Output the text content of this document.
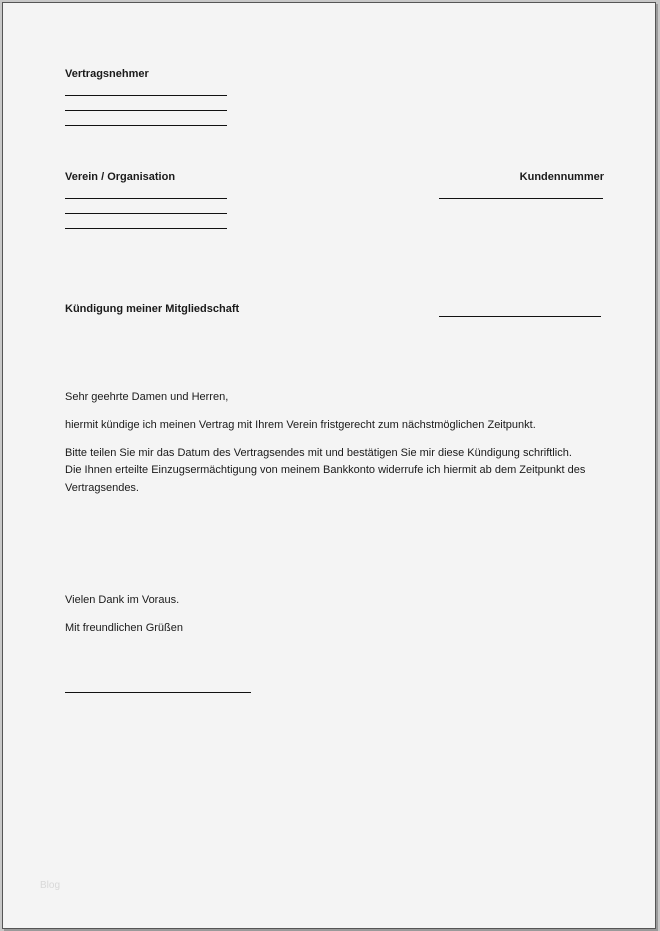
Vertragsnehmer
Verein / Organisation	Kundennummer
Kündigung meiner Mitgliedschaft
Sehr geehrte Damen und Herren,
hiermit kündige ich meinen Vertrag mit Ihrem Verein fristgerecht zum nächstmöglichen Zeitpunkt.
Bitte teilen Sie mir das Datum des Vertragsendes mit und bestätigen Sie mir diese Kündigung schriftlich.
Die Ihnen erteilte Einzugsermächtigung von meinem Bankkonto widerrufe ich hiermit ab dem Zeitpunkt des
Vertragsendes.
Vielen Dank im Voraus.
Mit freundlichen Grüßen
Blog
